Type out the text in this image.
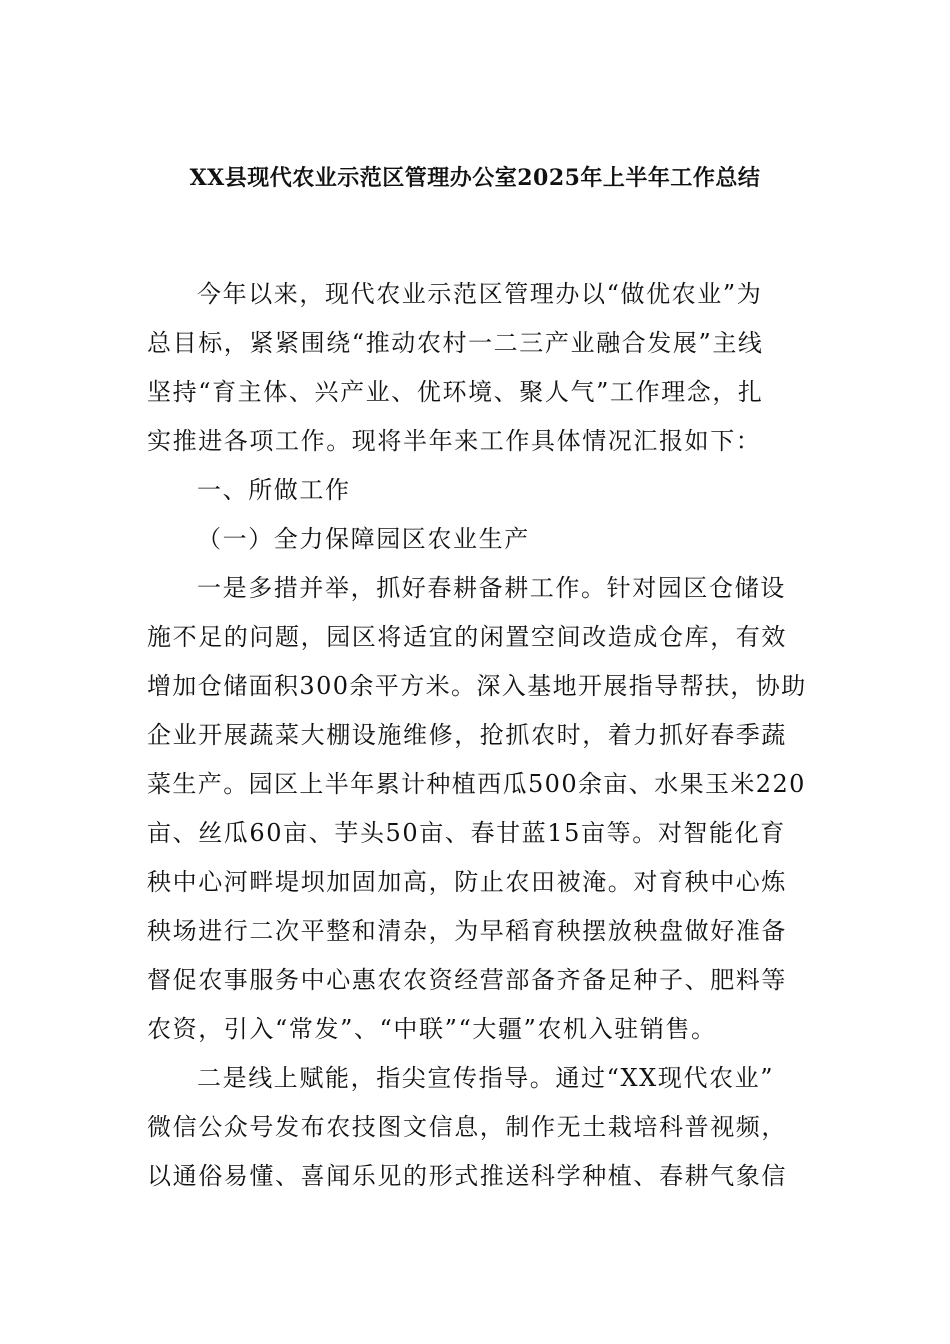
XX县现代农业示范区管理办公室2025年上半年工作总结
今年以来，现代农业示范区管理办以“做优农业”为
总目标，紧紧围绕“推动农村一二三产业融合发展”主线
坚持“育主体、兴产业、优环境、聚人气”工作理念，扎
实推进各项工作。现将半年来工作具体情况汇报如下：
一、所做工作
（一）全力保障园区农业生产
一是多措并举，抓好春耕备耕工作。针对园区仓储设
施不足的问题，园区将适宜的闲置空间改造成仓库，有效
增加仓储面积300余平方米。深入基地开展指导帮扶，协助
企业开展蔬菜大棚设施维修，抢抓农时，着力抓好春季蔬
菜生产。园区上半年累计种植西瓜500余亩、水果玉米220
亩、丝瓜60亩、芋头50亩、春甘蓝15亩等。对智能化育
秧中心河畔堤坝加固加高，防止农田被淹。对育秧中心炼
秧场进行二次平整和清杂，为早稻育秧摆放秧盘做好准备
督促农事服务中心惠农农资经营部备齐备足种子、肥料等
农资，引入“常发”、“中联”“大疆”农机入驻销售。
二是线上赋能，指尖宣传指导。通过“XX现代农业”
微信公众号发布农技图文信息，制作无土栽培科普视频，
以通俗易懂、喜闻乐见的形式推送科学种植、春耕气象信
